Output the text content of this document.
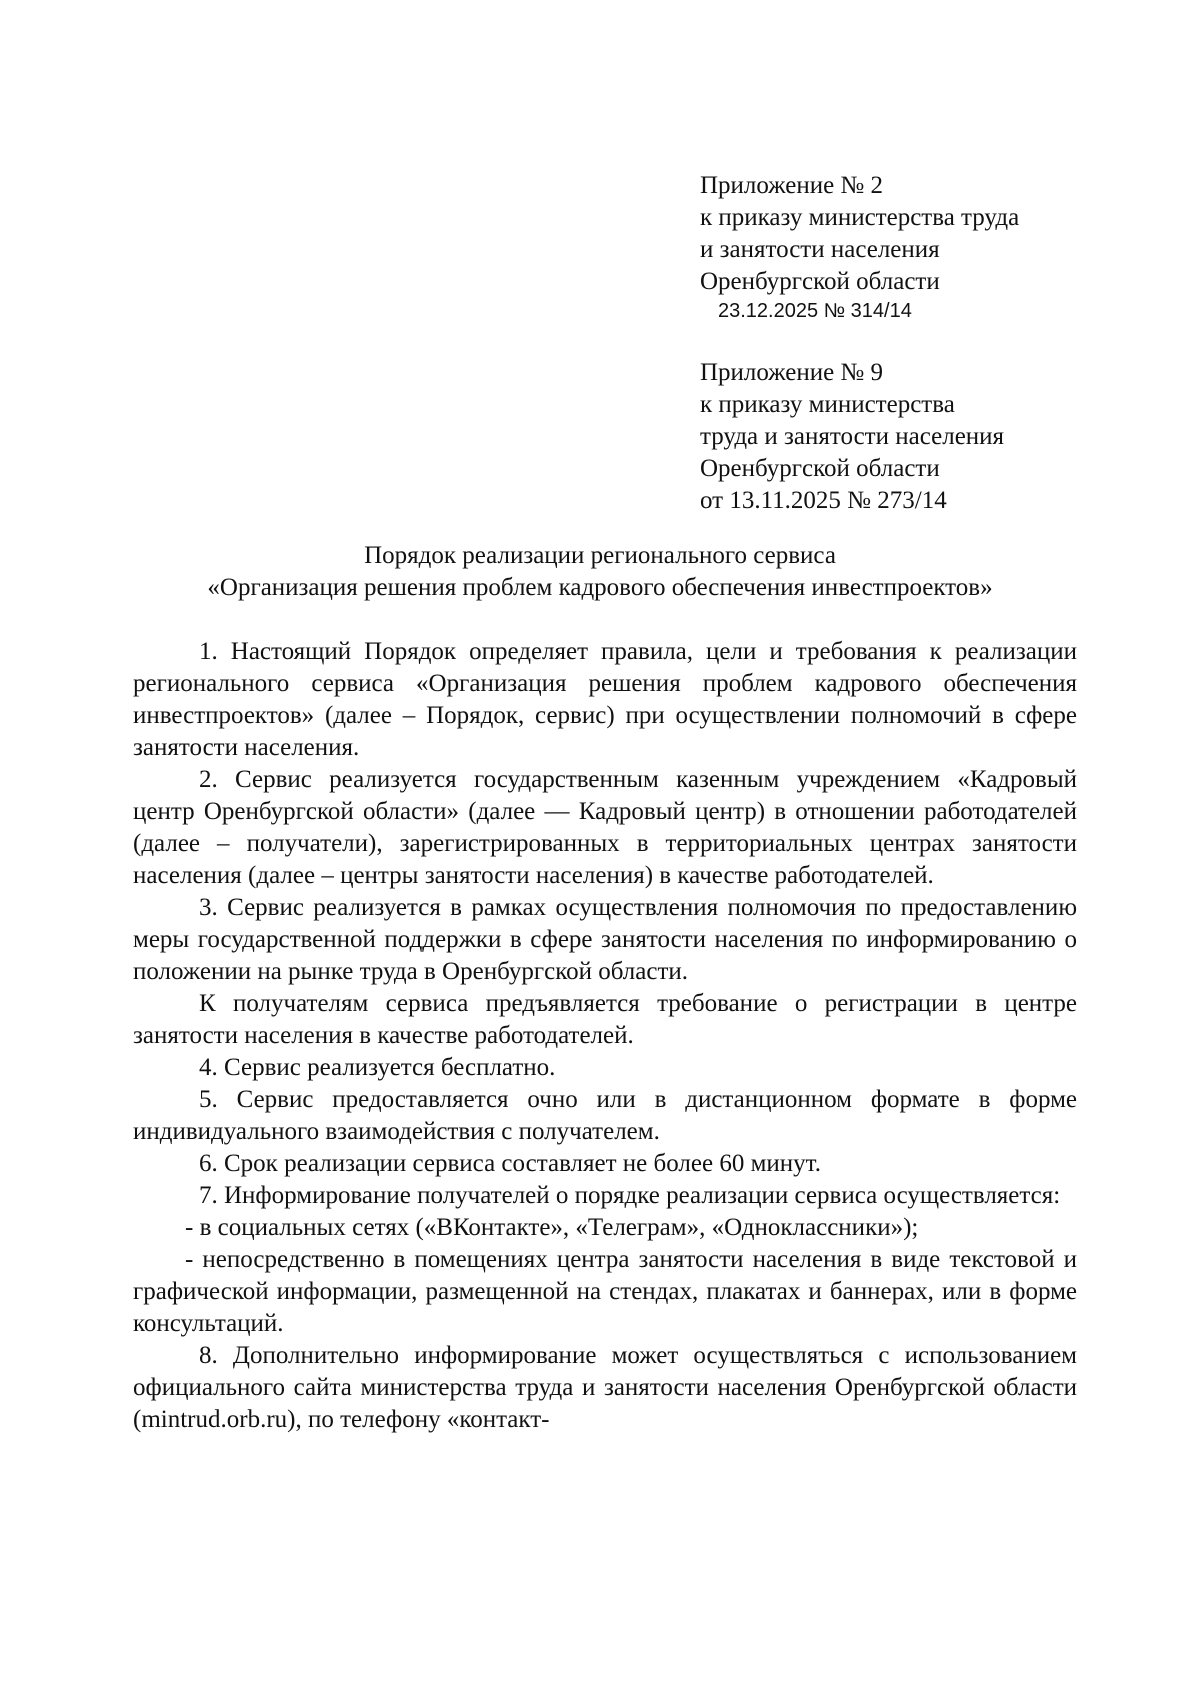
Приложение № 2
к приказу министерства труда
и занятости населения
Оренбургской области
23.12.2025 № 314/14
Приложение № 9
к приказу министерства
труда и занятости населения
Оренбургской области
от 13.11.2025 № 273/14
Порядок реализации регионального сервиса
«Организация решения проблем кадрового обеспечения инвестпроектов»

1. Настоящий Порядок определяет правила, цели и требования к реализации регионального сервиса «Организация решения проблем кадрового обеспечения инвестпроектов» (далее – Порядок, сервис) при осуществлении полномочий в сфере занятости населения.

2. Сервис реализуется государственным казенным учреждением «Кадровый центр Оренбургской области» (далее — Кадровый центр) в отношении работодателей (далее – получатели), зарегистрированных в территориальных центрах занятости населения (далее – центры занятости населения) в качестве работодателей.

3. Сервис реализуется в рамках осуществления полномочия по предоставлению меры государственной поддержки в сфере занятости населения по информированию о положении на рынке труда в Оренбургской области.

К получателям сервиса предъявляется требование о регистрации в центре занятости населения в качестве работодателей.

4. Сервис реализуется бесплатно.

5. Сервис предоставляется очно или в дистанционном формате в форме индивидуального взаимодействия с получателем.

6. Срок реализации сервиса составляет не более 60 минут.

7. Информирование получателей о порядке реализации сервиса осуществляется:

- в социальных сетях («ВКонтакте», «Телеграм», «Одноклассники»);

- непосредственно в помещениях центра занятости населения в виде текстовой и графической информации, размещенной на стендах, плакатах и баннерах, или в форме консультаций.

8. Дополнительно информирование может осуществляться с использованием официального сайта министерства труда и занятости населения Оренбургской области (mintrud.orb.ru), по телефону «контакт-
